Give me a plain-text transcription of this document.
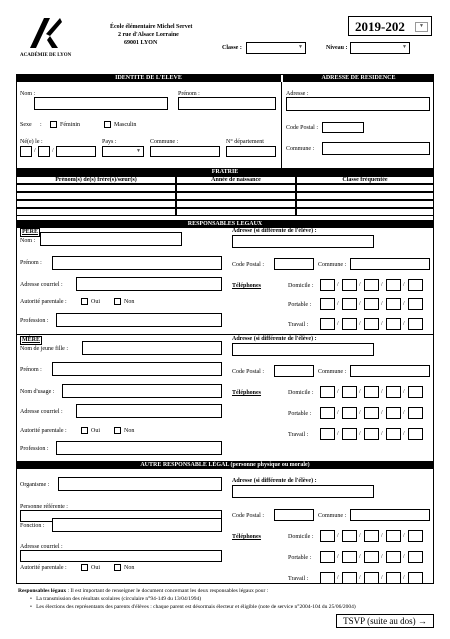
ACADÉMIE DE LYON
École élémentaire Michel Servet
2 rue d'Alsace Lorraine
69001 LYON
Classe :	▼	Niveau :	▼
2019-202	▼
IDENTITE DE L'ELEVE	ADRESSE DE RESIDENCE
Nom :	Prénom :
Sexe :	Féminin	Masculin
Né(e) le :
/	/
Pays :
▼
Commune :	N° département
Adresse :
Code Postal :
Commune :
FRATRIE
Prénom(s) de(s) frère(s)/sœur(s)	Année de naissance	Classe fréquentée
RESPONSABLES LEGAUX
PÈRE
Nom :
Prénom :
Adresse courriel :
Autorité parentale :	Oui	Non
Profession :
Adresse (si différente de l'élève) :
Code Postal :	Commune :
Téléphones	Domicile :
Portable :
Travail :
MÈRE
Nom de jeune fille :
Prénom :
Nom d'usage :
Adresse courriel :
Autorité parentale :	Oui	Non
Profession :
Adresse (si différente de l'élève) :
Code Postal :	Commune :
Téléphones	Domicile :
Portable :
Travail :
AUTRE RESPONSABLE LÉGAL (personne physique ou morale)
Organisme :
Personne référente :
Fonction :
Adresse courriel :
Autorité parentale :	Oui	Non
Adresse (si différente de l'élève) :
Code Postal :	Commune :
Téléphones	Domicile :
Portable :
Travail :
Responsables légaux : Il est important de renseigner le document concernant les deux responsables légaux pour :
• La transmission des résultats scolaires (circulaire n°94-149 du 13/04/1994)
• Les élections des représentants des parents d'élèves : chaque parent est désormais électeur et éligible (note de service n°2004-104 du 25/06/2004)
TSVP (suite au dos) →
/	/	/	/
/	/	/	/
/	/	/	/
/	/	/	/
/	/	/	/
/	/	/	/
/	/	/	/
/	/	/	/
/	/	/	/
